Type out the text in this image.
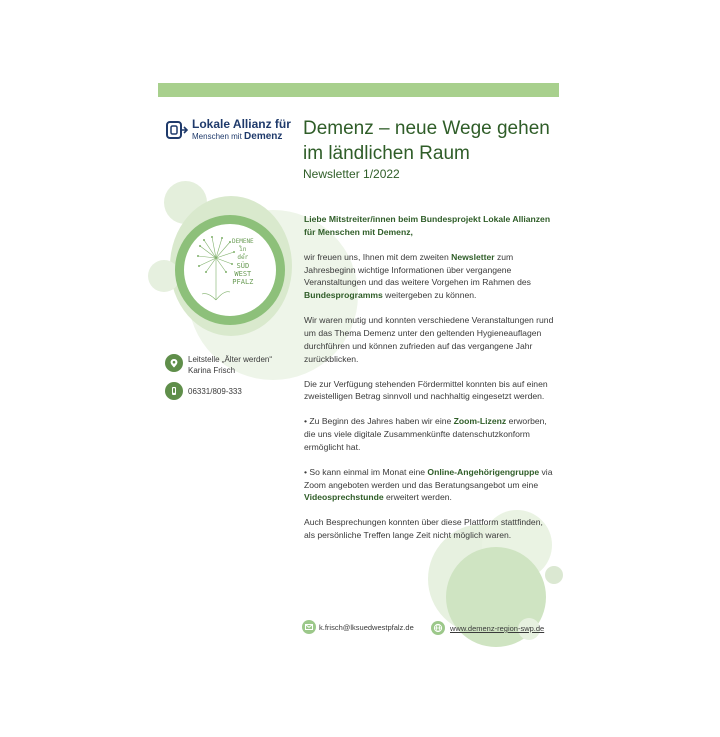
Lokale Allianz für
Menschen mit Demenz
DEMENE
in
der
SÜD
WEST
PFALZ
Leitstelle „Älter werden“
Karina Frisch
06331/809-333
Demenz – neue Wege gehen
im ländlichen Raum
Newsletter 1/2022

Liebe Mitstreiter/innen beim Bundesprojekt Lokale Allianzen für Menschen mit Demenz,

wir freuen uns, Ihnen mit dem zweiten Newsletter zum Jahresbeginn wichtige Informationen über vergangene Veranstaltungen und das weitere Vorgehen im Rahmen des Bundesprogramms weitergeben zu können.

Wir waren mutig und konnten verschiedene Veranstaltungen rund um das Thema Demenz unter den geltenden Hygieneauflagen durchführen und können zufrieden auf das vergangene Jahr zurückblicken.

Die zur Verfügung stehenden Fördermittel konnten bis auf einen zweistelligen Betrag sinnvoll und nachhaltig eingesetzt werden.

• Zu Beginn des Jahres haben wir eine Zoom-Lizenz erworben, die uns viele digitale Zusammenkünfte datenschutzkonform ermöglicht hat.

• So kann einmal im Monat eine Online-Angehörigengruppe via Zoom angeboten werden und das Beratungsangebot um eine Videosprechstunde erweitert werden.

Auch Besprechungen konnten über diese Plattform stattfinden, als persönliche Treffen lange Zeit nicht möglich waren.

k.frisch@lksuedwestpfalz.de	www.demenz-region-swp.de
